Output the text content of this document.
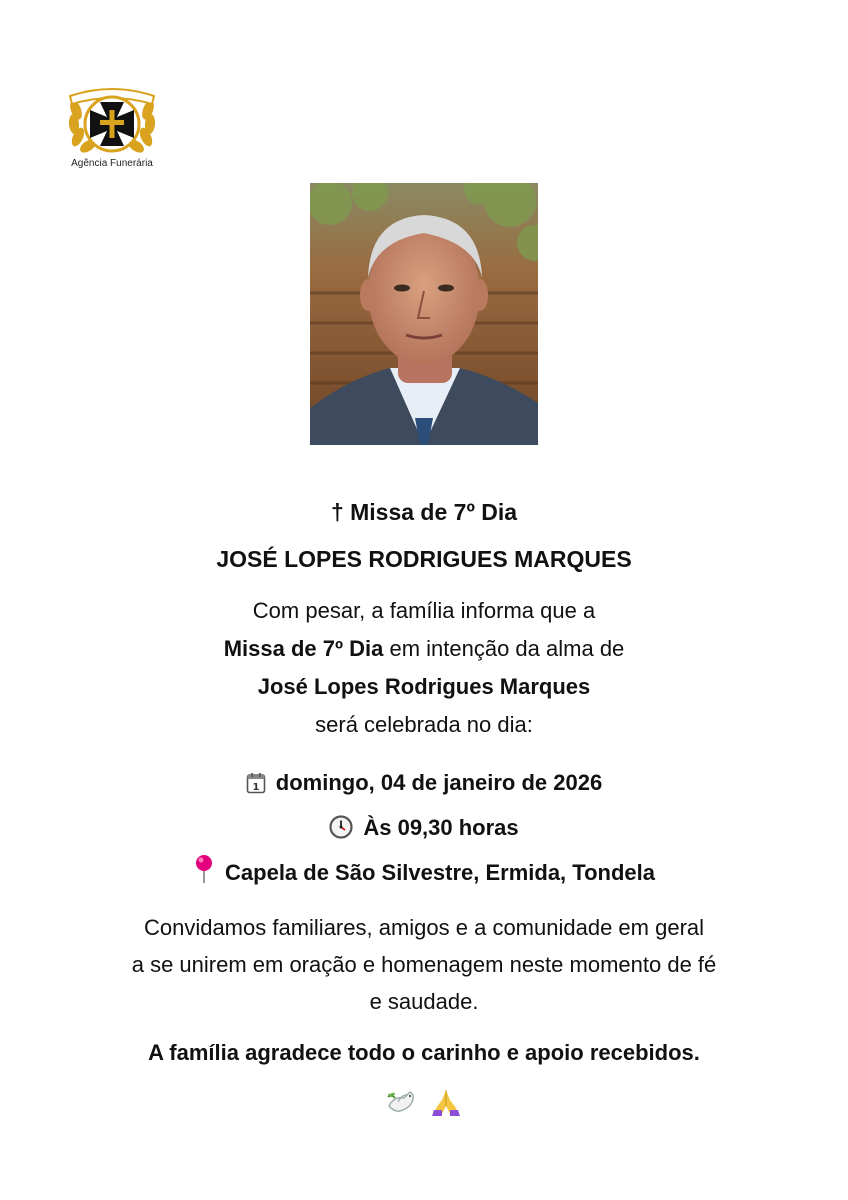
Agência Funerária

† Missa de 7º Dia

JOSÉ LOPES RODRIGUES MARQUES

Com pesar, a família informa que a

Missa de 7º Dia em intenção da alma de

José Lopes Rodrigues Marques

será celebrada no dia:

1 domingo, 04 de janeiro de 2026

Às 09,30 horas

Capela de São Silvestre, Ermida, Tondela

Convidamos familiares, amigos e a comunidade em geral

a se unirem em oração e homenagem neste momento de fé

e saudade.

A família agradece todo o carinho e apoio recebidos.
